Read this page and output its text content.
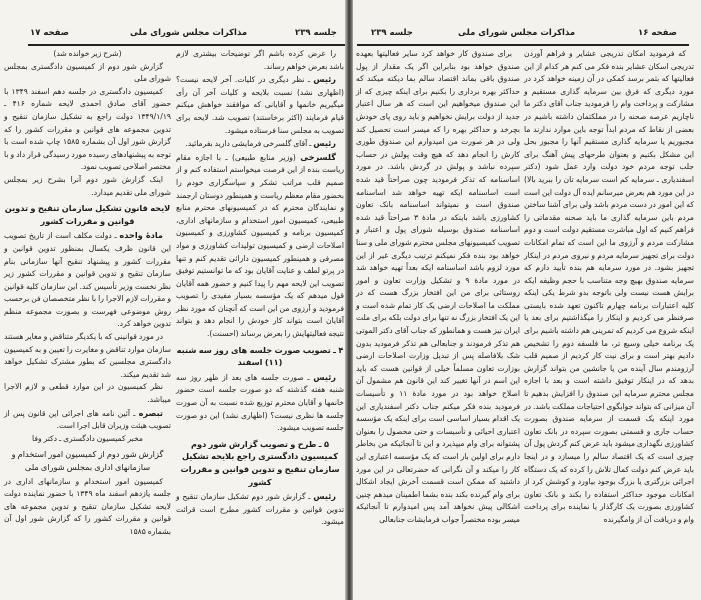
صفحه ۱۷	مذاکرات مجلس شورای ملی	جلسه ۲۳۹

(شرح زیر خوانده شد)

گزارش شور دوم از کمیسیون دادگستری بمجلس شورای ملی

کمیسیون دادگستری در جلسه دهم اسفند ۱۳۴۹ با حضور آقای صادق احمدی لایحه شماره ۴۱۶ ـ ۱۳۴۹/۱/۱۹ دولت راجع به تشکیل سازمان تنقیح و تدوین مجموعه های قوانین و مقررات کشور را که گزارش شور اول آن بشماره ۱۵۸۵ چاپ شده است با توجه به پیشنهادهای رسیده مورد رسیدگی قرار داد و با مختصر اصلاحی تصویب نمود.

اینک گزارش شور دوم آنرا بشرح زیر بمجلس شورای ملی تقدیم میدارد.

لایحه قانون تشکیل سازمان تنقیح و تدوین قوانین و مقررات کشور

مادهٔ واحده ـ دولت مکلف است از تاریخ تصویب این قانون ظرف یکسال بمنظور تدوین قوانین و مقررات کشور و پیشنهاد تنقیح آنها سازمانی بنام سازمان تنقیح و تدوین قوانین و مقررات کشور زیر نظر نخست وزیر تأسیس کند. این سازمان کلیه قوانین و مقررات لازم الاجرا را با نظر متخصصان فن برحسب روش موضوعی فهرست و بصورت مجموعه منظم تدوین خواهد کرد.

در مورد قوانینی که با یکدیگر متناقض و مغایر هستند سازمان موارد تناقض و مغایرت را تعیین و به کمیسیون دادگستری مجلسین که بطور مشترک تشکیل خواهد شد تقدیم میکند.

نظر کمیسیون در این موارد قطعی و لازم الاجرا میباشد.

تبصره ـ آئین نامه های اجرائی این قانون پس از تصویب هیئت وزیران قابل اجرا است.

مخبر کمیسیون دادگستری ـ دکتر وفا

گزارش شور دوم از کمیسیون امور استخدام و سازمانهای اداری بمجلس شورای ملی

کمیسیون امور استخدام و سازمانهای اداری در جلسه یازدهم اسفند ماه ۱۳۴۹ با حضور نماینده دولت لایحه تشکیل سازمان تنقیح و تدوین مجموعه های قوانین و مقررات کشور را که گزارش شور اول آن بشماره ۱۵۸۵

را عرض کرده باشم اگر توضیحات بیشتری لازم باشد بعرض خواهم رساند.

رئیس ـ نظر دیگری در کلیات. آخر لایحه نیست؟ (اظهاری نشد) نسبت بلایحه و کلیات آخر آن رأی میگیریم خانمها و آقایانی که موافقند خواهش میکنم قیام فرمایند (اکثر برخاستند) تصویب شد. لایحه برای تصویب به مجلس سنا فرستاده میشود.

رئیس ـ آقای گلسرخی فرمایشی دارید بفرمائید.

گلسرخی (وزیر منابع طبیعی) ـ با اجازه مقام ریاست بنده از این فرصت میخواستم استفاده کنم و از صمیم قلب مراتب تشکر و سپاسگزاری خودم را بحضور مقام معظم ریاست و همینطور دوستان ارجمند و نمایندگان محترم که در کمیسیونهای محترم منابع طبیعی، کمیسیون امور استخدام و سازمانهای اداری، کمیسیون برنامه و کمیسیون کشاورزی و کمیسیون اصلاحات ارضی و کمیسیون تولیدات کشاورزی و مواد مصرفی و همینطور کمیسیون دارائی تقدیم کنم و تنها در پرتو لطف و عنایت آقایان بود که ما توانستیم توفیق تصویب این لایحه مهم را پیدا کنیم و حضور همه آقایان قول میدهم که یک مؤسسه بسیار مفیدی را تصویب فرمودید و آرزوی من این است که آنچنان که مورد نظر آقایان است بتواند کار خودش را انجام دهد و بتواند نتیجه فعالیتهایش را بعرض برساند (احسنت).

۴ ـ تصویب صورت جلسه های روز سه شنبه (۱۱) اسفند

رئیس ـ صورت جلسه های بعد از ظهر روز سه شنبه هفته گذشته که دو صورت جلسه است حضور خانمها و آقایان محترم توزیع شده نسبت به آن صورت جلسه ها نظری نیست؟ (اظهاری نشد) این دو صورت جلسه تصویب میشود.

۵ ـ طرح و تصویب گزارش شور دوم کمیسیون دادگستری راجع بلایحه تشکیل سازمان تنقیح و تدوین قوانین و مقررات کشور

رئیس ـ گزارش شور دوم تشکیل سازمان تنقیح و تدوین قوانین و مقررات کشور مطرح است قرائت میشود.

جلسه ۲۳۹	مذاکرات مجلس شورای ملی	صفحه ۱۶

برای صندوق کار خواهد کرد سایر فعالیتها بعهده صندوق خواهد بود بنابراین اگر یک مقدار از پول صندوق باقی بماند اقتصاد سالم بما دیکته میکند که حداکثر بهره برداری را بکنیم برای اینکه چیزی که از این صندوق میخواهیم این است که هر سال اعتبار جدید از دولت برایش نخواهیم و باید روی پای خودش بچرخد و حداکثر بهره را که میسر است تحصیل کند ولی در هر صورت من امیدوارم این صندوق طوری کارش را انجام دهد که هیچ وقت پولش در حساب سپرده نباشد و پولش در گردش باشد. در مورد اساسنامه که تذکر فرمودید چون صراحتاً قید شده است اساسنامه ایکه تهیه خواهد شد اساسنامه صندوق است و نمیتواند اساسنامه بانک تعاون کشاورزی باشد باینکه در مادهٔ ۳ صراحتاً قید شده اساسنامه صندوق بوسیله شورای پول و اعتبار و تصویب کمیسیونهای مجلس محترم شورای ملی و سنا خواهد بود بنده فکر نمیکنم ترتیب دیگری غیر از این مورد لزوم باشد اساسنامه ایکه بعداً تهیه خواهد شد در مورد مادهٔ ۹ و تشکیل وزارت تعاون و امور روستائی برای من این افتخار بزرگ هست که در مملکت ما اصلاحات ارضی یک کار تمام شده است و این یک افتخار بزرگ نه تنها برای دولت بلکه برای ملت ایران نیز هست و همانطور که جناب آقای دکتر الموتی هم تذکر فرمودند و جنابعالی هم تذکر فرمودید بدون شک بلافاصله پس از تبدیل وزارت اصلاحات ارضی بوزارت تعاون مسلماً خیلی از قوانین هست که باید این اسم در آنها تغییر کند این قانون هم مشمول آن اصلاح خواهد بود در مورد مادهٔ ۱۱ و تأسیسات فرمودید بنده فکر میکنم جناب دکتر اسفندیاری این یک اقدام بسیار اساسی است برای اینکه یک مؤسسه اعتباری احیائی و تأسیسات و حتی محصول را بعنوان پشتوانه برای وام میپذیرد و این تا آنجائیکه من بخاطر دارم برای اولین بار است که یک مؤسسه اعتباری این کار را میکند و آن نگرانی که حضرتعالی در این مورد داشتید که ممکن است قسمت آخرش ایجاد اشکال برای وام گیرنده بکند بنده بشما اطمینان میدهم چنین اشکالی پیش نخواهد آمد پس امیدوارم تا آنجائیکه میسر بوده مختصراً جواب فرمایشات جنابعالی

که فرمودید امکان تدریجی عشایر و فراهم آوردن تدریجی اسکان عشایر بنده فکر می کنم هر کدام از این فعالیتها که بثمر برسد کمکی در آن زمینه خواهد کرد در مورد دیگری که فرق بین سرمایه گذاری مستقیم و مشارکت و پرداخت وام را فرمودید جناب آقای دکتر ما ناچاریم عرصه صحنه را در مملکتمان داشته باشیم در بعضی از نقاط که مردم ابداً توجه باین موارد ندارند ما مجبوریم یا سرمایه گذاری مستقیم آنها را مجبور بحل این مشکل بکنیم و بعنوان طرحهای پیش آهنگ برای جلب توجه مردم خود دولت وارد عمل شود (دکتر اسفندیاری ـ سرمایه کم است سرمایه تان را ببرید بالا) در این مورد هم بعرض میرسانم ایده آل دولت این است که این امور در دست مردم باشد ولی برای آشنا ساختن مردم باین سرمایه گذاری ما باید صحنه مقدماتی را فراهم کنیم که اول مباشرت مستقیم دولت است و دوم مشارکت مردم و آرزوی ما این است که تمام امکانات دولت برای تجهیز سرمایه مردم و نیروی مردم در اینکار تجهیز بشود. در مورد سرمایه هم بنده تأیید دارم که سرمایه صندوق بهیچ وجه متناسب با حجم وظیفه ایکه برایش هست نیست ولی باتوجه بدو شرط یکی اینکه کلیه اعتبارات برنامه چهارم تاکنون تعهد شده بایستی صرفنظر می کردیم و اینکار را میگذاشتیم برای بعد یا اینکه شروع می کردیم که تمرینی هم داشته باشیم برای یک برنامه خیلی وسیع تر، ما فلسفه دوم را تشخیص دادیم بهتر است و برای نیت کار کردیم از صمیم قلب آرزومندم سال آینده من یا جانشین من بتواند گزارش بدهد که در اینکار توفیق داشته است و بعد با اجازه مجلس محترم سرمایه این صندوق را افزایش بدهیم تا آن میزانی که بتواند جوابگوی احتیاجات مملکت باشد. در مورد اینکه یک قسمت از سرمایه صندوق بصورت حساب جاری و قسمتی بصورت سپرده در بانک تعاون کشاورزی نگهداری میشود باید عرض کنم گردش پول آن چیزی است که یک اقتصاد سالم را میسازد و در اینجا باید عرض کنم دولت کمال تلاش را کرده که یک دستگاه اجرائی بزرگتری یا بزرگ بوجود بیاورد و کوشش کرد از امکانات موجود حداکثر استفاده را بکند و بانک تعاون کشاورزی بصورت یک کارگذار یا نماینده برای پرداخت وام و دریافت آن از وامگیرنده
